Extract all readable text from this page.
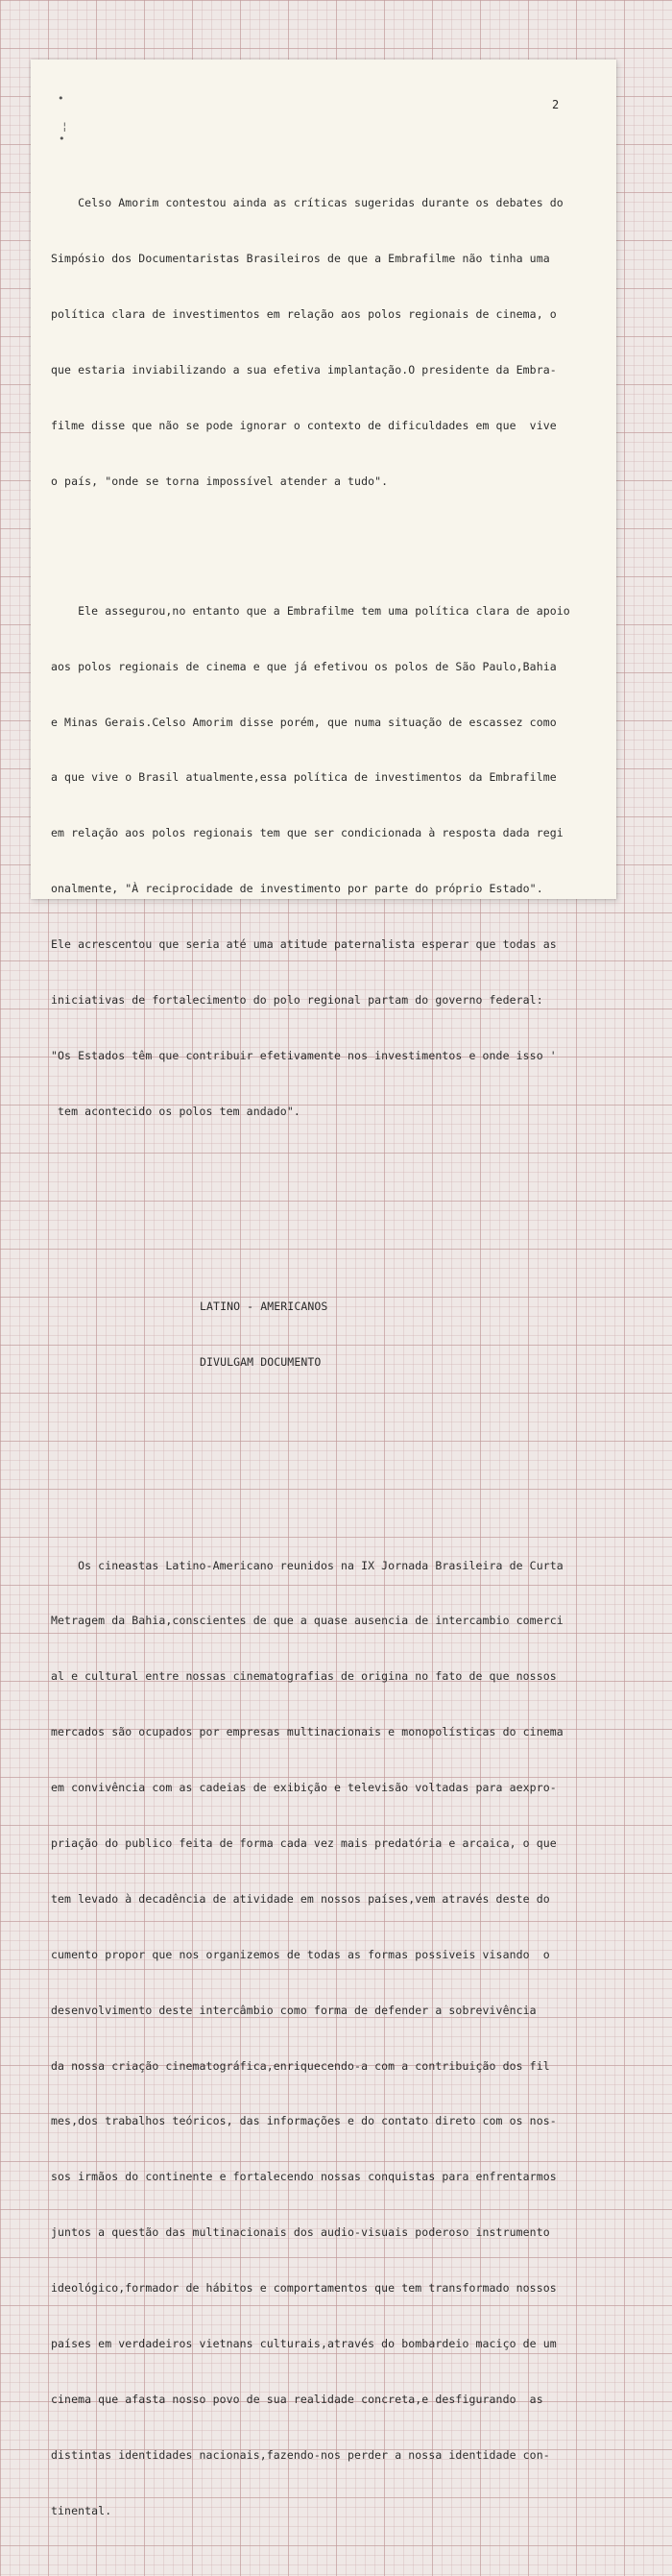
•
¦
•
2

Celso Amorim contestou ainda as críticas sugeridas durante os debates do

Simpósio dos Documentaristas Brasileiros de que a Embrafilme não tinha uma

política clara de investimentos em relação aos polos regionais de cinema, o

que estaria inviabilizando a sua efetiva implantação.O presidente da Embra-

filme disse que não se pode ignorar o contexto de dificuldades em que  vive

o país, "onde se torna impossível atender a tudo".

Ele assegurou,no entanto que a Embrafilme tem uma política clara de apoio

aos polos regionais de cinema e que já efetivou os polos de São Paulo,Bahia

e Minas Gerais.Celso Amorim disse porém, que numa situação de escassez como

a que vive o Brasil atualmente,essa política de investimentos da Embrafilme

em relação aos polos regionais tem que ser condicionada à resposta dada regi

onalmente, "À reciprocidade de investimento por parte do próprio Estado".

Ele acrescentou que seria até uma atitude paternalista esperar que todas as

iniciativas de fortalecimento do polo regional partam do governo federal:

"Os Estados têm que contribuir efetivamente nos investimentos e onde isso '

tem acontecido os polos tem andado".

LATINO - AMERICANOS

DIVULGAM DOCUMENTO

Os cineastas Latino-Americano reunidos na IX Jornada Brasileira de Curta

Metragem da Bahia,conscientes de que a quase ausencia de intercambio comerci

al e cultural entre nossas cinematografias de origina no fato de que nossos

mercados são ocupados por empresas multinacionais e monopolísticas do cinema

em convivência com as cadeias de exibição e televisão voltadas para aexpro-

priação do publico feita de forma cada vez mais predatória e arcaica, o que

tem levado à decadência de atividade em nossos países,vem através deste do

cumento propor que nos organizemos de todas as formas possiveis visando  o

desenvolvimento deste intercâmbio como forma de defender a sobrevivência

da nossa criação cinematográfica,enriquecendo-a com a contribuição dos fil

mes,dos trabalhos teóricos, das informações e do contato direto com os nos-

sos irmãos do continente e fortalecendo nossas conquistas para enfrentarmos

juntos a questão das multinacionais dos audio-visuais poderoso instrumento

ideológico,formador de hábitos e comportamentos que tem transformado nossos

países em verdadeiros vietnans culturais,através do bombardeio maciço de um

cinema que afasta nosso povo de sua realidade concreta,e desfigurando  as

distintas identidades nacionais,fazendo-nos perder a nossa identidade con-

tinental.
